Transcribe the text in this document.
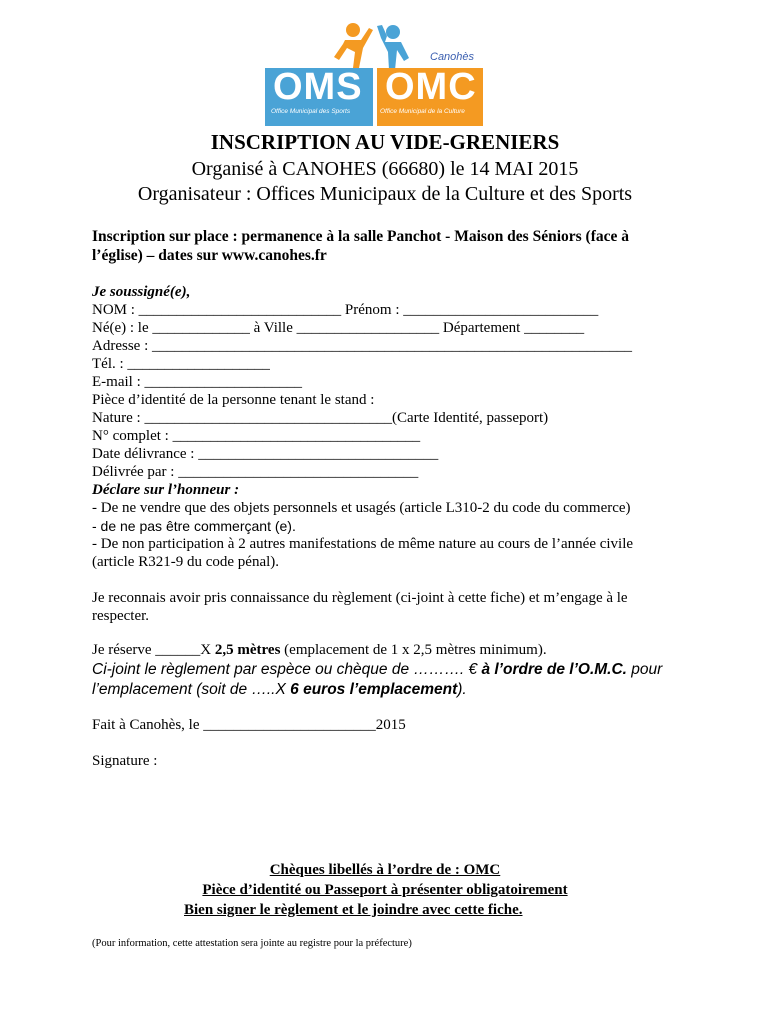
Canohès
OMS OMC
Office Municipal des Sports	Office Municipal de la Culture
INSCRIPTION AU VIDE-GRENIERS
Organisé à CANOHES (66680) le 14 MAI 2015
Organisateur : Offices Municipaux de la Culture et des Sports
Inscription sur place : permanence à la salle Panchot - Maison des Séniors (face à
l’église) – dates sur www.canohes.fr
Je soussigné(e),
NOM : ___________________________ Prénom : __________________________
Né(e) : le _____________ à Ville ___________________ Département ________
Adresse : ________________________________________________________________
Tél. : ___________________
E-mail : _____________________
Pièce d’identité de la personne tenant le stand :
Nature : _________________________________(Carte Identité, passeport)
N° complet : _________________________________
Date délivrance : ________________________________
Délivrée par : ________________________________
Déclare sur l’honneur :
- De ne vendre que des objets personnels et usagés (article L310-2 du code du commerce)
- de ne pas être commerçant (e).
- De non participation à 2 autres manifestations de même nature au cours de l’année civile
(article R321-9 du code pénal).
Je reconnais avoir pris connaissance du règlement (ci-joint à cette fiche) et m’engage à le
respecter.
Je réserve ______X 2,5 mètres (emplacement de 1 x 2,5 mètres minimum).
Ci-joint le règlement par espèce ou chèque de ………. € à l’ordre de l’O.M.C. pour
l’emplacement (soit de …..X 6 euros l’emplacement).
Fait à Canohès, le _______________________2015
Signature :
Chèques libellés à l’ordre de : OMC
Pièce d’identité ou Passeport à présenter obligatoirement
Bien signer le règlement et le joindre avec cette fiche.
(Pour information, cette attestation sera jointe au registre pour la préfecture)
